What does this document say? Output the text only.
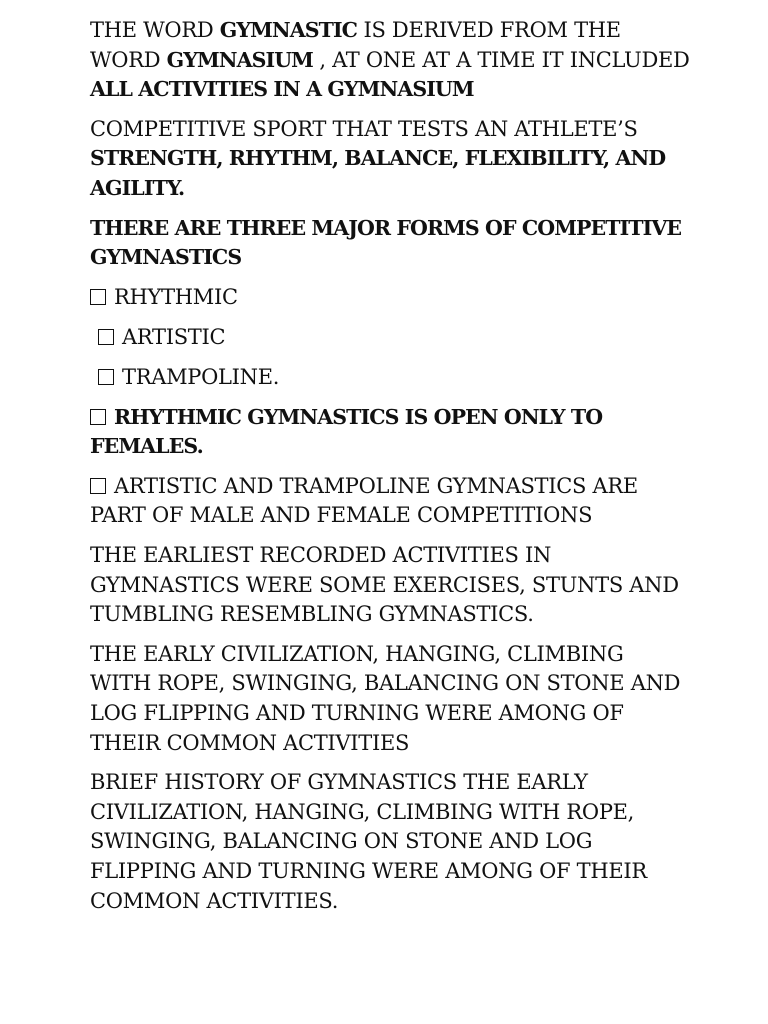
THE WORD GYMNASTIC IS DERIVED FROM THE WORD GYMNASIUM , AT ONE AT A TIME IT INCLUDED ALL ACTIVITIES IN A GYMNASIUM

COMPETITIVE SPORT THAT TESTS AN ATHLETE’S STRENGTH, RHYTHM, BALANCE, FLEXIBILITY, AND AGILITY.

THERE ARE THREE MAJOR FORMS OF COMPETITIVE GYMNASTICS

RHYTHMIC

ARTISTIC

TRAMPOLINE.

RHYTHMIC GYMNASTICS IS OPEN ONLY TO FEMALES.

ARTISTIC AND TRAMPOLINE GYMNASTICS ARE PART OF MALE AND FEMALE COMPETITIONS

THE EARLIEST RECORDED ACTIVITIES IN GYMNASTICS WERE SOME EXERCISES, STUNTS AND TUMBLING RESEMBLING GYMNASTICS.

THE EARLY CIVILIZATION, HANGING, CLIMBING WITH ROPE, SWINGING, BALANCING ON STONE AND LOG FLIPPING AND TURNING WERE AMONG OF THEIR COMMON ACTIVITIES

BRIEF HISTORY OF GYMNASTICS THE EARLY CIVILIZATION, HANGING, CLIMBING WITH ROPE, SWINGING, BALANCING ON STONE AND LOG FLIPPING AND TURNING WERE AMONG OF THEIR COMMON ACTIVITIES.
